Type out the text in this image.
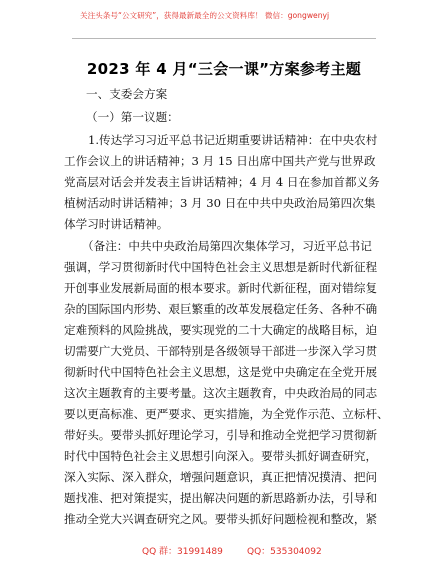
关注头条号“公文研究”，获得最新最全的公文资料库！ 微信：gongwenyj
2023 年 4 月“三会一课”方案参考主题
一、支委会方案
（一）第一议题：
1.传达学习习近平总书记近期重要讲话精神：在中央农村
工作会议上的讲话精神；3 月 15 日出席中国共产党与世界政
党高层对话会并发表主旨讲话精神；4 月 4 日在参加首都义务
植树活动时讲话精神；3 月 30 日在中共中央政治局第四次集
体学习时讲话精神。
（备注：中共中央政治局第四次集体学习，习近平总书记
强调，学习贯彻新时代中国特色社会主义思想是新时代新征程
开创事业发展新局面的根本要求。新时代新征程，面对错综复
杂的国际国内形势、艰巨繁重的改革发展稳定任务、各种不确
定难预料的风险挑战，要实现党的二十大确定的战略目标，迫
切需要广大党员、干部特别是各级领导干部进一步深入学习贯
彻新时代中国特色社会主义思想，这是党中央确定在全党开展
这次主题教育的主要考量。这次主题教育，中央政治局的同志
要以更高标准、更严要求、更实措施，为全党作示范、立标杆、
带好头。要带头抓好理论学习，引导和推动全党把学习贯彻新
时代中国特色社会主义思想引向深入。要带头抓好调查研究，
深入实际、深入群众，增强问题意识，真正把情况摸清、把问
题找准、把对策提实，提出解决问题的新思路新办法，引导和
推动全党大兴调查研究之风。要带头抓好问题检视和整改，紧
QQ 群：31991489	QQ：535304092
